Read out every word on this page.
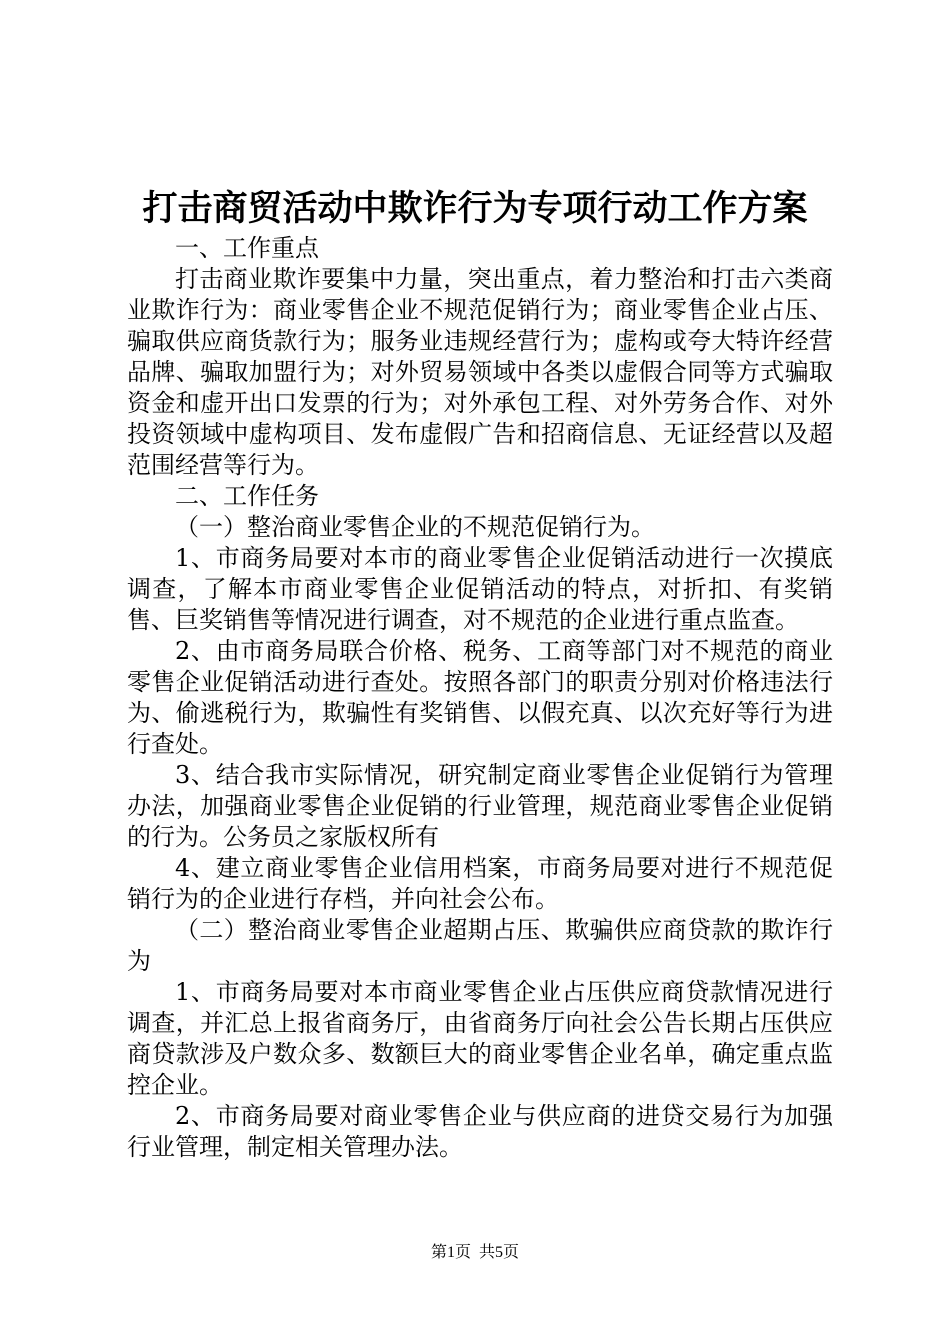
打击商贸活动中欺诈行为专项行动工作方案

一、工作重点

打击商业欺诈要集中力量，突出重点，着力整治和打击六类商业欺诈行为：商业零售企业不规范促销行为；商业零售企业占压、骗取供应商货款行为；服务业违规经营行为；虚构或夸大特许经营品牌、骗取加盟行为；对外贸易领域中各类以虚假合同等方式骗取资金和虚开出口发票的行为；对外承包工程、对外劳务合作、对外投资领域中虚构项目、发布虚假广告和招商信息、无证经营以及超范围经营等行为。

二、工作任务

（一）整治商业零售企业的不规范促销行为。

1、市商务局要对本市的商业零售企业促销活动进行一次摸底调查，了解本市商业零售企业促销活动的特点，对折扣、有奖销售、巨奖销售等情况进行调查，对不规范的企业进行重点监查。

2、由市商务局联合价格、税务、工商等部门对不规范的商业零售企业促销活动进行查处。按照各部门的职责分别对价格违法行为、偷逃税行为，欺骗性有奖销售、以假充真、以次充好等行为进行查处。

3、结合我市实际情况，研究制定商业零售企业促销行为管理办法，加强商业零售企业促销的行业管理，规范商业零售企业促销的行为。公务员之家版权所有

4、建立商业零售企业信用档案，市商务局要对进行不规范促销行为的企业进行存档，并向社会公布。

（二）整治商业零售企业超期占压、欺骗供应商贷款的欺诈行为

1、市商务局要对本市商业零售企业占压供应商贷款情况进行调查，并汇总上报省商务厅，由省商务厅向社会公告长期占压供应商贷款涉及户数众多、数额巨大的商业零售企业名单，确定重点监控企业。

2、市商务局要对商业零售企业与供应商的进贷交易行为加强行业管理，制定相关管理办法。

第1页  共5页
